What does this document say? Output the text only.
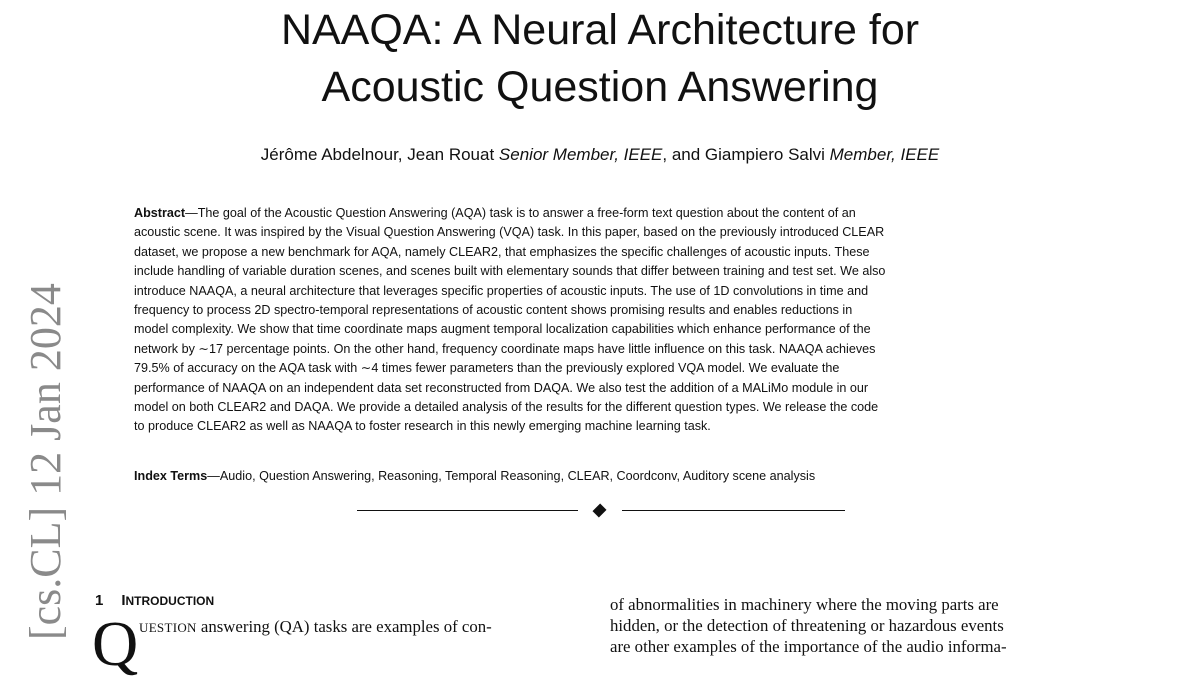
NAAQA: A Neural Architecture for
Acoustic Question Answering
Jérôme Abdelnour, Jean Rouat Senior Member, IEEE, and Giampiero Salvi Member, IEEE
Abstract—The goal of the Acoustic Question Answering (AQA) task is to answer a free-form text question about the content of an
acoustic scene. It was inspired by the Visual Question Answering (VQA) task. In this paper, based on the previously introduced CLEAR
dataset, we propose a new benchmark for AQA, namely CLEAR2, that emphasizes the specific challenges of acoustic inputs. These
include handling of variable duration scenes, and scenes built with elementary sounds that differ between training and test set. We also
introduce NAAQA, a neural architecture that leverages specific properties of acoustic inputs. The use of 1D convolutions in time and
frequency to process 2D spectro-temporal representations of acoustic content shows promising results and enables reductions in
model complexity. We show that time coordinate maps augment temporal localization capabilities which enhance performance of the
network by ∼17 percentage points. On the other hand, frequency coordinate maps have little influence on this task. NAAQA achieves
79.5% of accuracy on the AQA task with ∼4 times fewer parameters than the previously explored VQA model. We evaluate the
performance of NAAQA on an independent data set reconstructed from DAQA. We also test the addition of a MALiMo module in our
model on both CLEAR2 and DAQA. We provide a detailed analysis of the results for the different question types. We release the code
to produce CLEAR2 as well as NAAQA to foster research in this newly emerging machine learning task.
Index Terms—Audio, Question Answering, Reasoning, Temporal Reasoning, CLEAR, Coordconv, Auditory scene analysis
[cs.CL] 12 Jan 2024 1 INTRODUCTION
Q UESTION answering (QA) tasks are examples of con-
of abnormalities in machinery where the moving parts are
hidden, or the detection of threatening or hazardous events
are other examples of the importance of the audio informa-
